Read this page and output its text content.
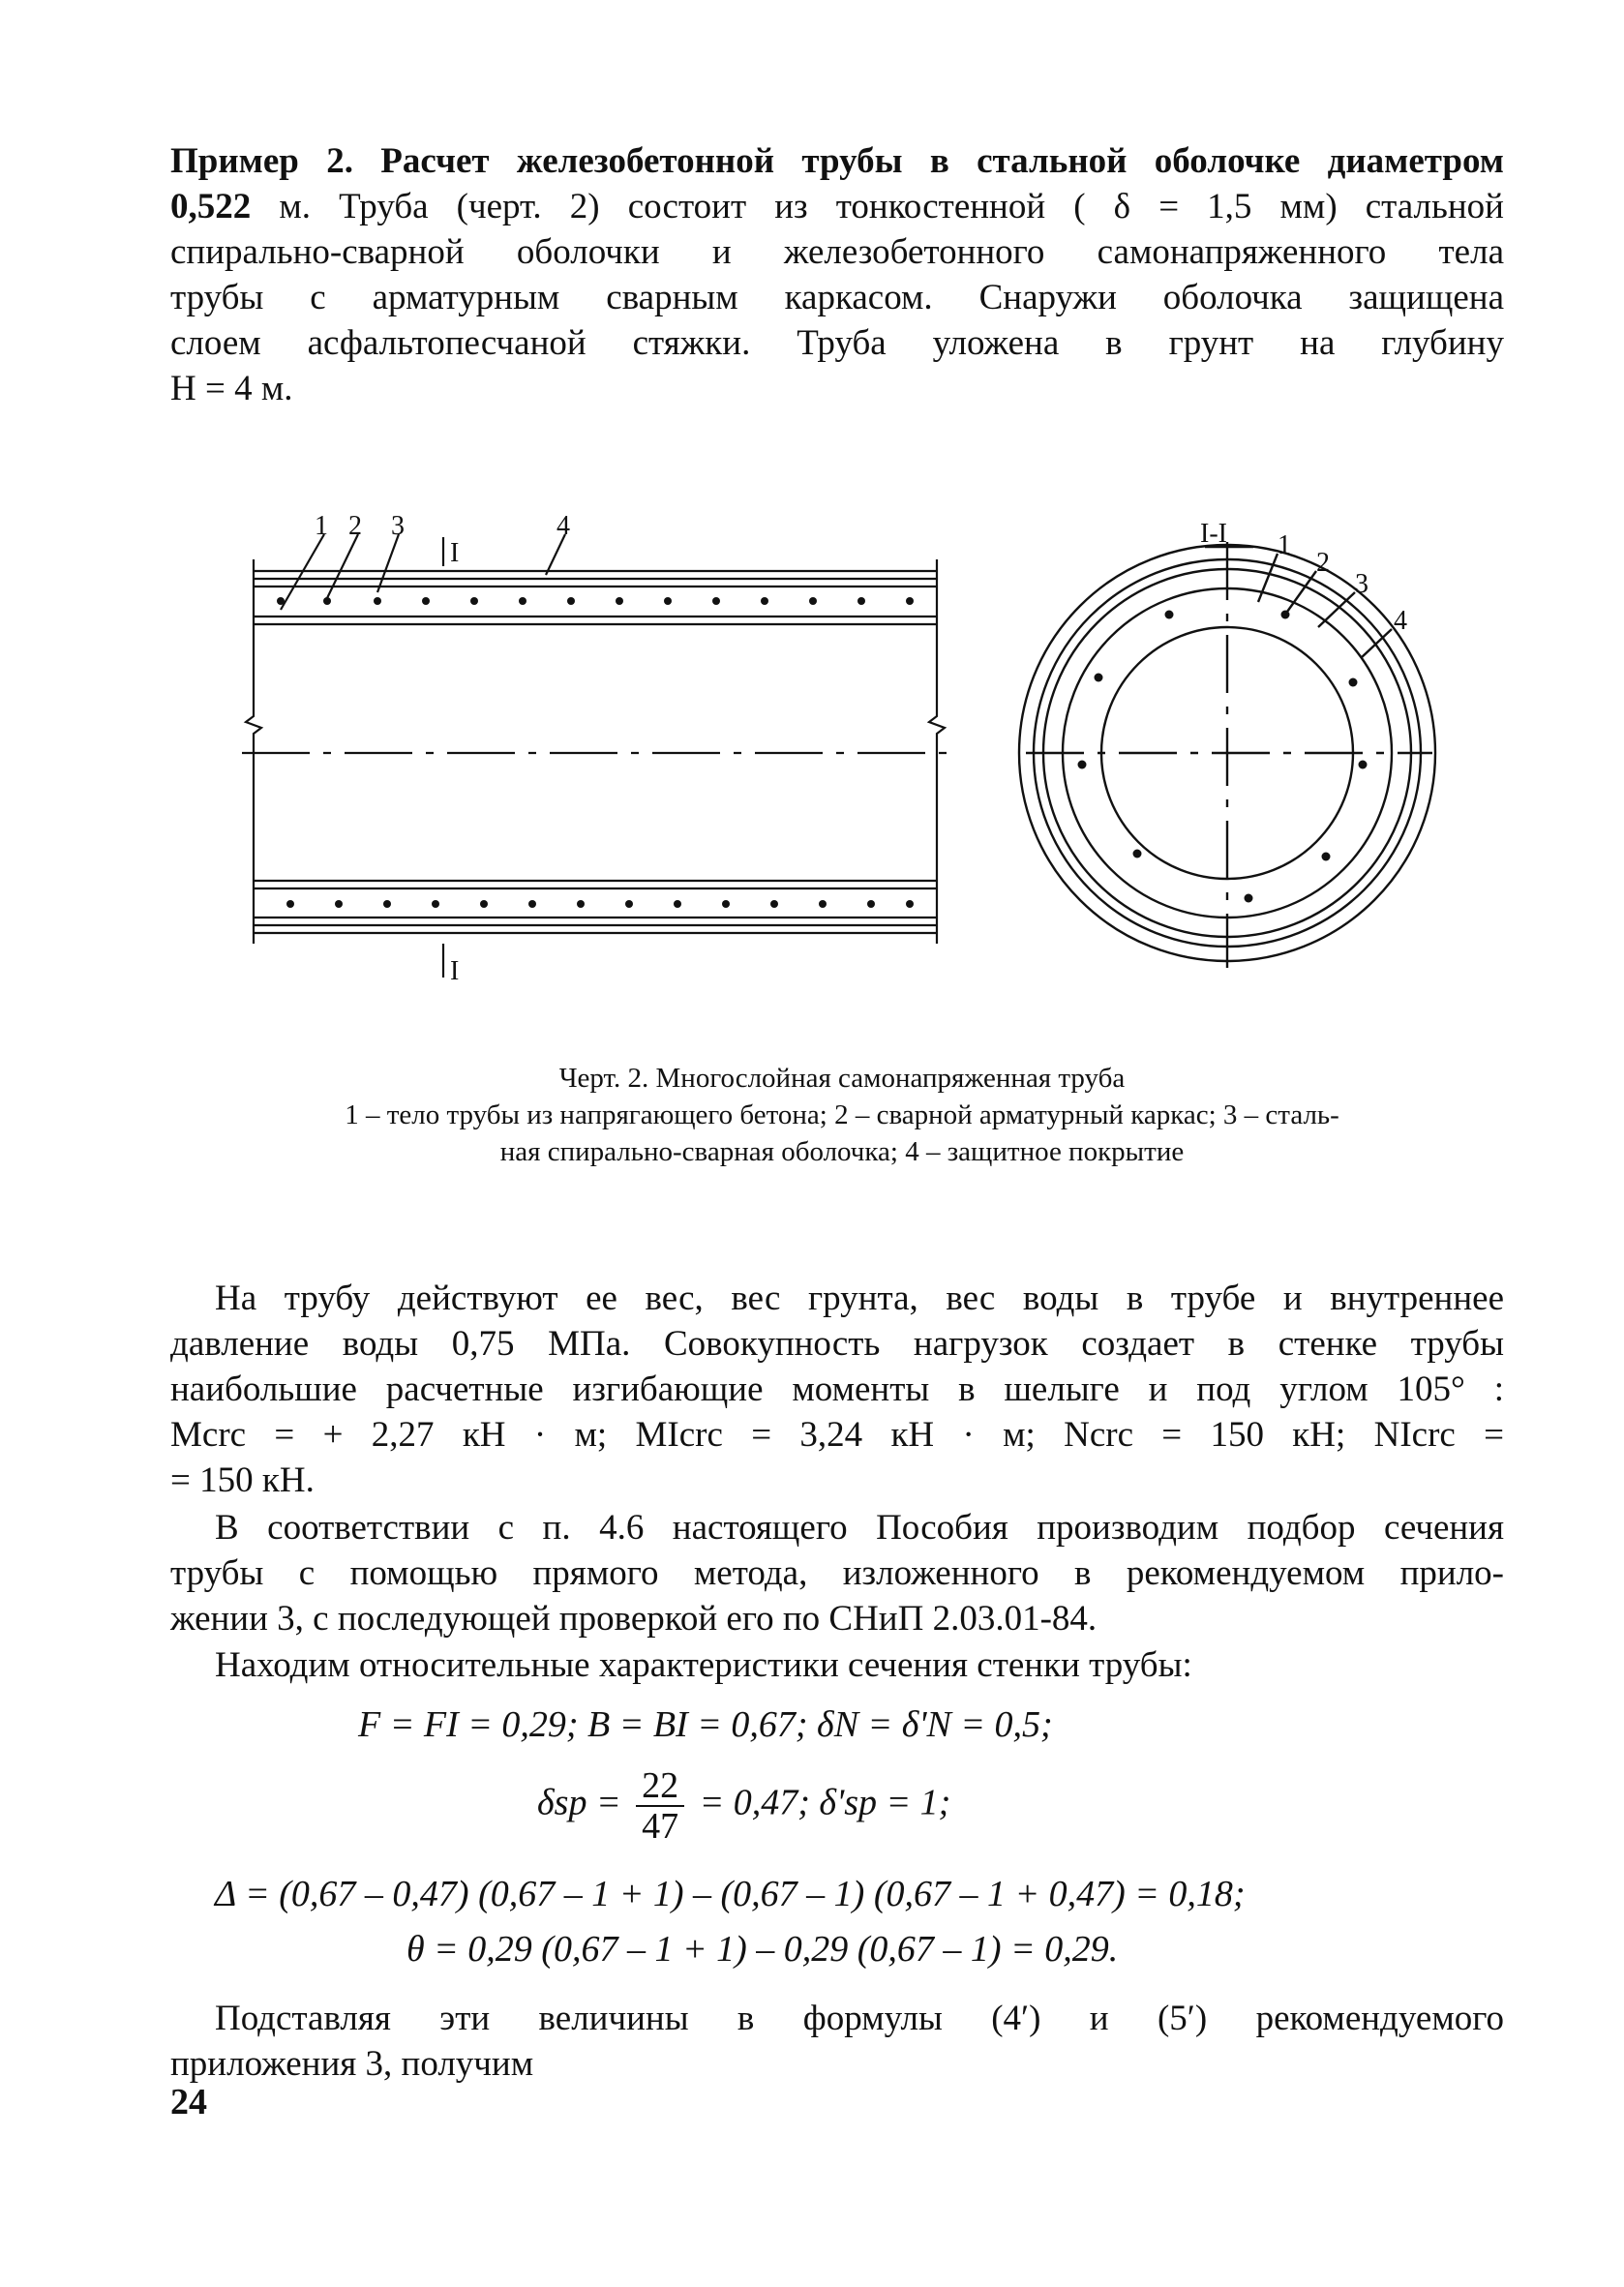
Пример 2. Расчет железобетонной трубы в стальной оболочке диаметром
0,522 м. Труба (черт. 2) состоит из тонкостенной ( δ = 1,5 мм) стальной
спирально-сварной оболочки и железобетонного самонапряженного тела
трубы с арматурным сварным каркасом. Снаружи оболочка защищена
слоем асфальтопесчаной стяжки. Труба уложена в грунт на глубину
H = 4 м.
1 2 3
I
4
I
I-I 1
2
3
4
Черт. 2. Многослойная самонапряженная труба
1 – тело трубы из напрягающего бетона; 2 – сварной арматурный каркас; 3 – сталь-
ная спирально-сварная оболочка; 4 – защитное покрытие
На трубу действуют ее вес, вес грунта, вес воды в трубе и внутреннее
давление воды 0,75 МПа. Совокупность нагрузок создает в стенке трубы
наибольшие расчетные изгибающие моменты в шелыге и под углом 105° :
Mcrc = + 2,27 кН · м; MIcrc = 3,24 кН · м; Ncrc = 150 кН; NIcrc =
= 150 кН.
В соответствии с п. 4.6 настоящего Пособия производим подбор сечения
трубы с помощью прямого метода, изложенного в рекомендуемом прило-
жении 3, с последующей проверкой его по СНиП 2.03.01-84.
Находим относительные характеристики сечения стенки трубы:
F = FI = 0,29; B = BI = 0,67; δN = δ'N = 0,5;
$\delta sp = \frac{22}{47} = 0,47$; δ'sp = 1;
Δ = (0,67 – 0,47) (0,67 – 1 + 1) – (0,67 – 1) (0,67 – 1 + 0,47) = 0,18;
θ = 0,29 (0,67 – 1 + 1) – 0,29 (0,67 – 1) = 0,29.
Подставляя эти величины в формулы (4′) и (5′) рекомендуемого
приложения 3, получим
24
